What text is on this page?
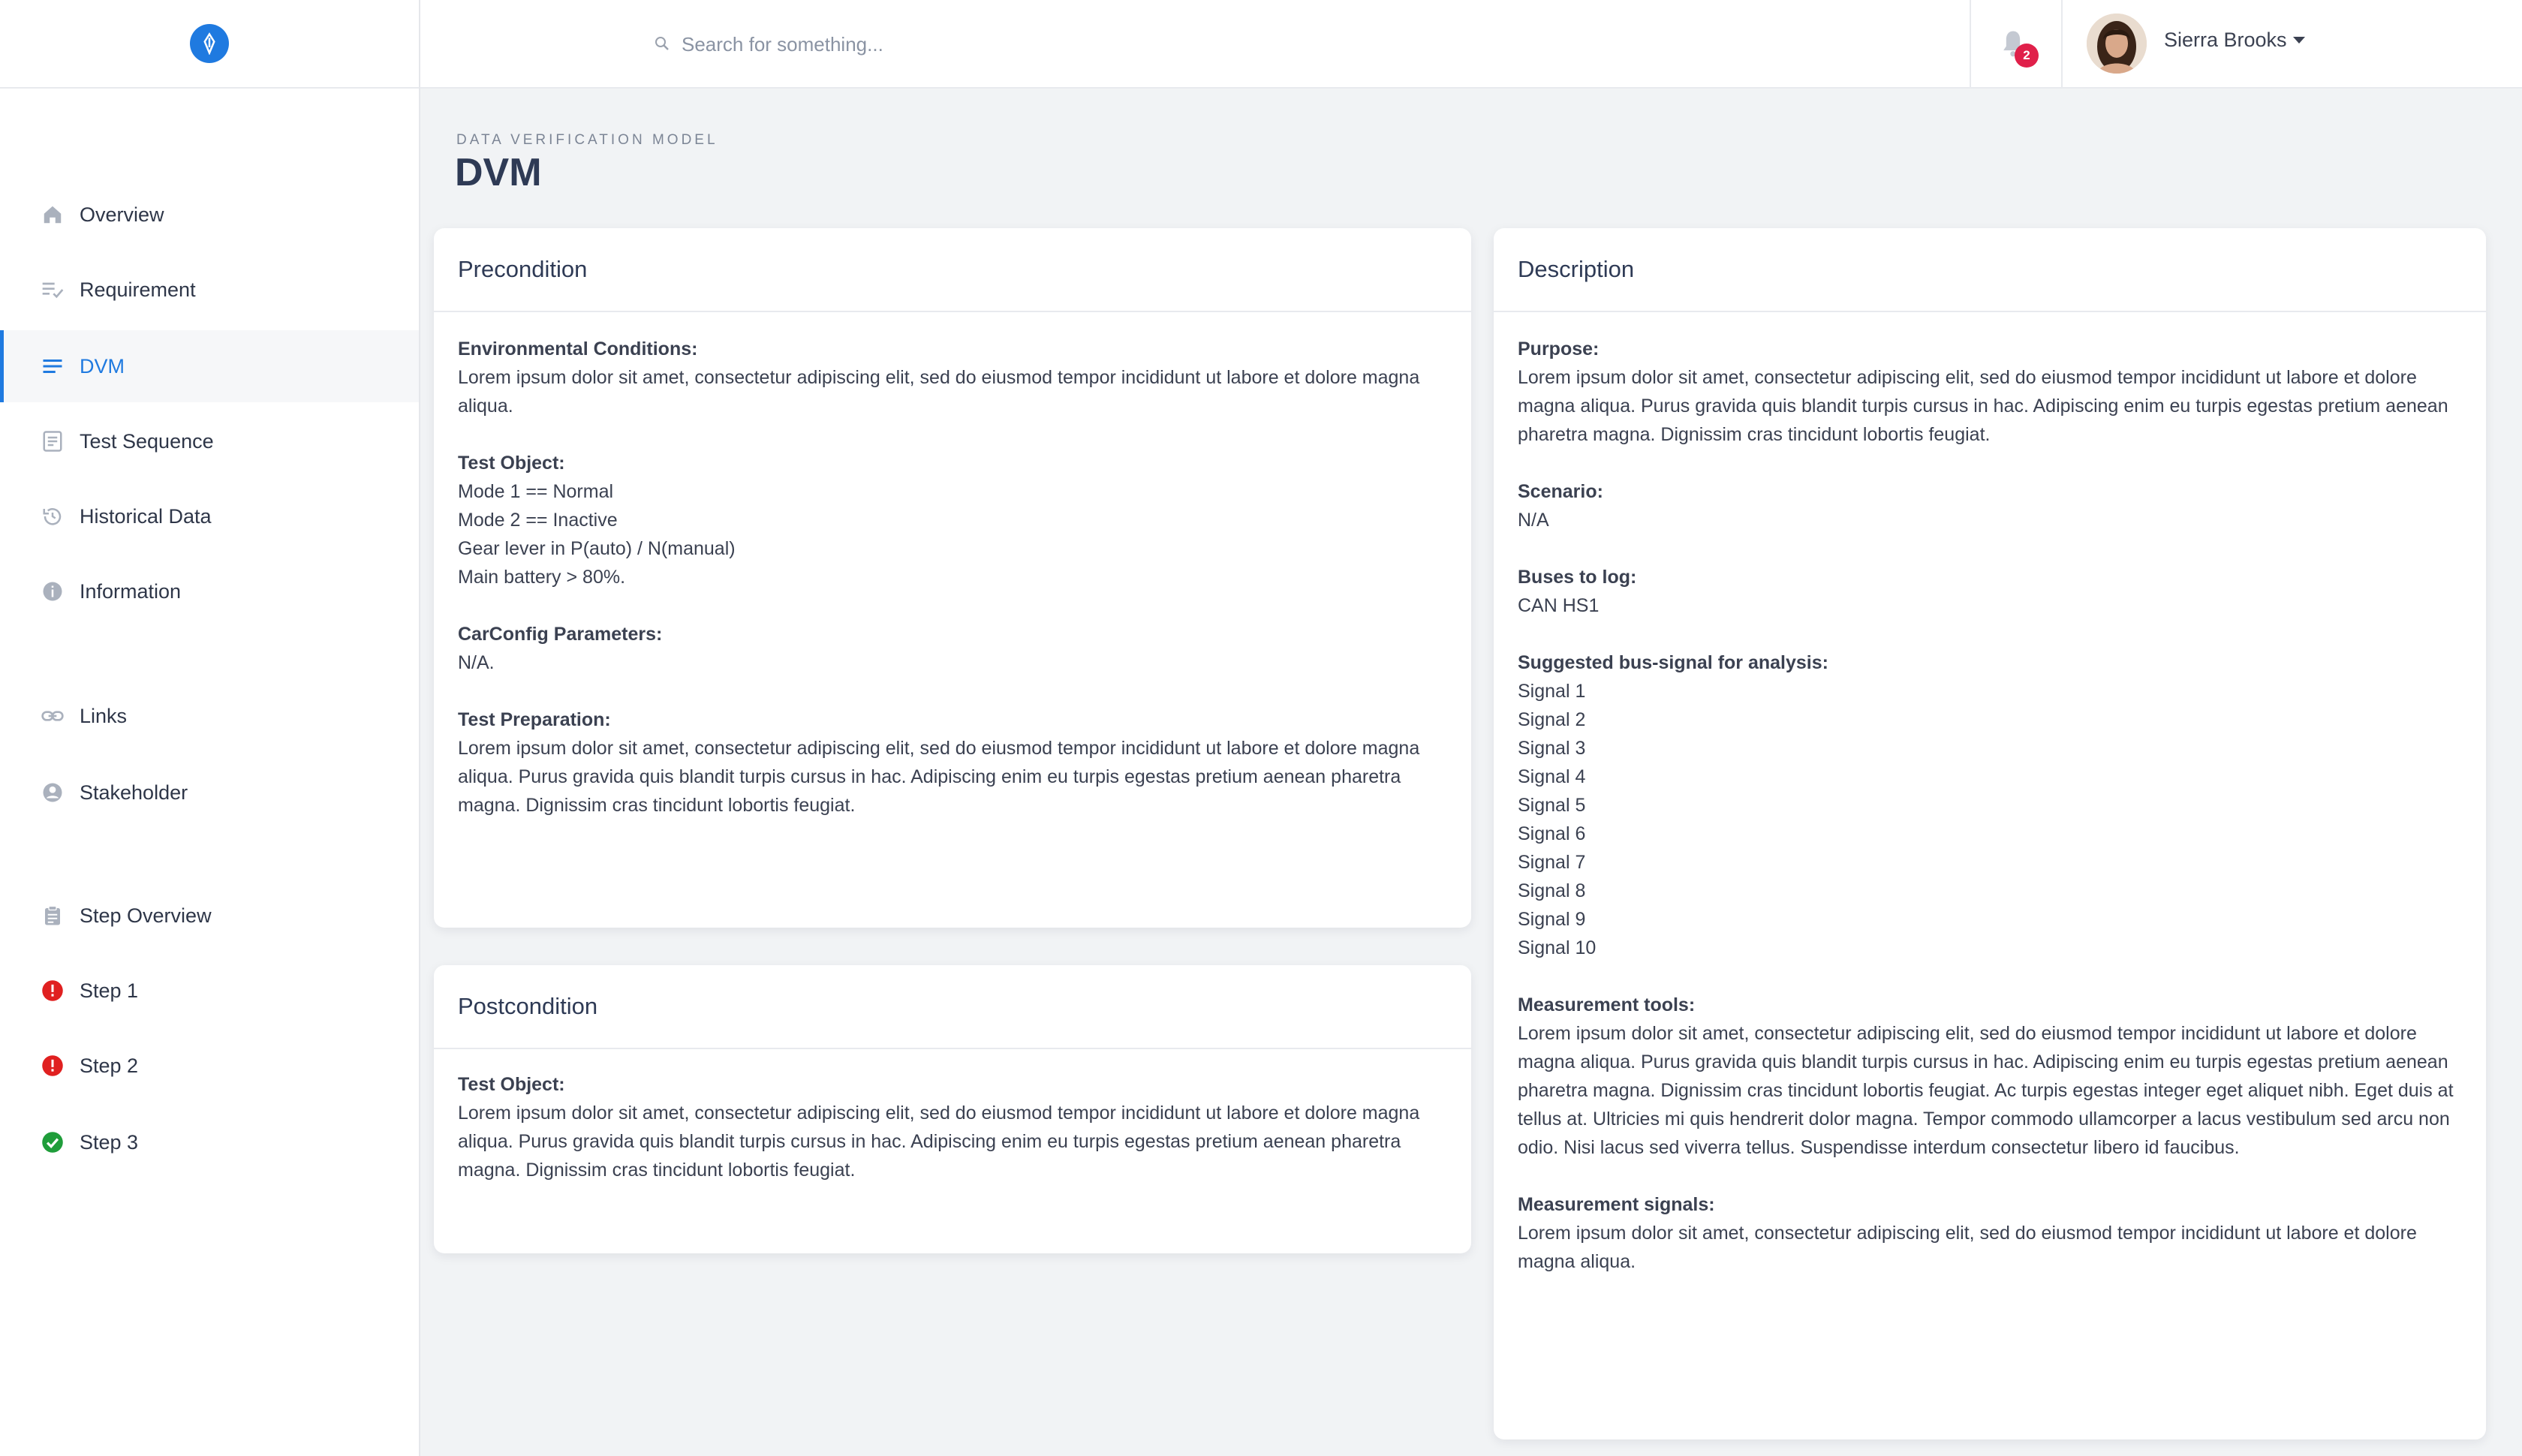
Overview
Requirement
DVM
Test Sequence
Historical Data
Information
Links
Stakeholder
Step Overview
Step 1
Step 2
Step 3
Search for something...
2
Sierra Brooks
DATA VERIFICATION MODEL
DVM
Precondition
Environmental Conditions:
Lorem ipsum dolor sit amet, consectetur adipiscing elit, sed do eiusmod tempor incididunt ut labore et dolore magna aliqua.
Test Object:
Mode 1 == Normal
Mode 2 == Inactive
Gear lever in P(auto) / N(manual)
Main battery > 80%.
CarConfig Parameters:
N/A.
Test Preparation:
Lorem ipsum dolor sit amet, consectetur adipiscing elit, sed do eiusmod tempor incididunt ut labore et dolore magna aliqua. Purus gravida quis blandit turpis cursus in hac. Adipiscing enim eu turpis egestas pretium aenean pharetra magna. Dignissim cras tincidunt lobortis feugiat.
Postcondition
Test Object:
Lorem ipsum dolor sit amet, consectetur adipiscing elit, sed do eiusmod tempor incididunt ut labore et dolore magna aliqua. Purus gravida quis blandit turpis cursus in hac. Adipiscing enim eu turpis egestas pretium aenean pharetra magna. Dignissim cras tincidunt lobortis feugiat.
Description
Purpose:
Lorem ipsum dolor sit amet, consectetur adipiscing elit, sed do eiusmod tempor incididunt ut labore et dolore magna aliqua. Purus gravida quis blandit turpis cursus in hac. Adipiscing enim eu turpis egestas pretium aenean pharetra magna. Dignissim cras tincidunt lobortis feugiat.
Scenario:
N/A
Buses to log:
CAN HS1
Suggested bus-signal for analysis:
Signal 1
Signal 2
Signal 3
Signal 4
Signal 5
Signal 6
Signal 7
Signal 8
Signal 9
Signal 10
Measurement tools:
Lorem ipsum dolor sit amet, consectetur adipiscing elit, sed do eiusmod tempor incididunt ut labore et dolore magna aliqua. Purus gravida quis blandit turpis cursus in hac. Adipiscing enim eu turpis egestas pretium aenean pharetra magna. Dignissim cras tincidunt lobortis feugiat. Ac turpis egestas integer eget aliquet nibh. Eget duis at tellus at. Ultricies mi quis hendrerit dolor magna. Tempor commodo ullamcorper a lacus vestibulum sed arcu non odio. Nisi lacus sed viverra tellus. Suspendisse interdum consectetur libero id faucibus.
Measurement signals:
Lorem ipsum dolor sit amet, consectetur adipiscing elit, sed do eiusmod tempor incididunt ut labore et dolore magna aliqua.
